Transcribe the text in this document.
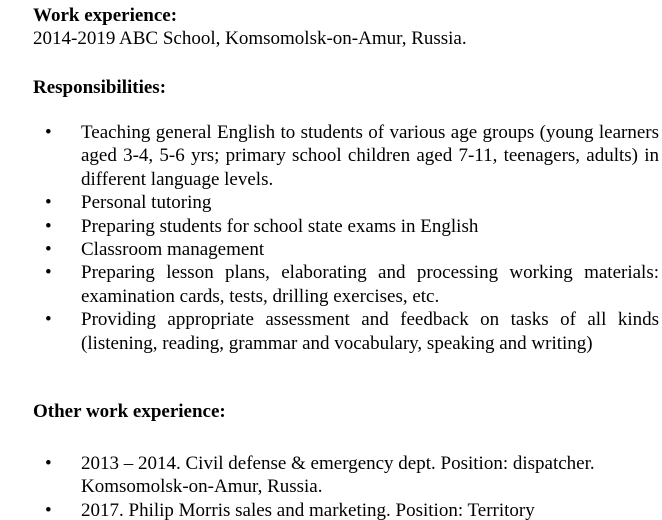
Work experience:

2014-2019 ABC School, Komsomolsk-on-Amur, Russia.

Responsibilities:

•	Teaching general English to students of various age groups (young learners aged 3-4, 5-6 yrs; primary school children aged 7-11, teenagers, adults) in different language levels.
•	Personal tutoring
•	Preparing students for school state exams in English
•	Classroom management
•	Preparing lesson plans, elaborating and processing working materials: examination cards, tests, drilling exercises, etc.
•	Providing appropriate assessment and feedback on tasks of all kinds (listening, reading, grammar and vocabulary, speaking and writing)

Other work experience:

•	2013 – 2014. Civil defense & emergency dept. Position: dispatcher. Komsomolsk-on-Amur, Russia.
•	2017. Philip Morris sales and marketing. Position: Territory
